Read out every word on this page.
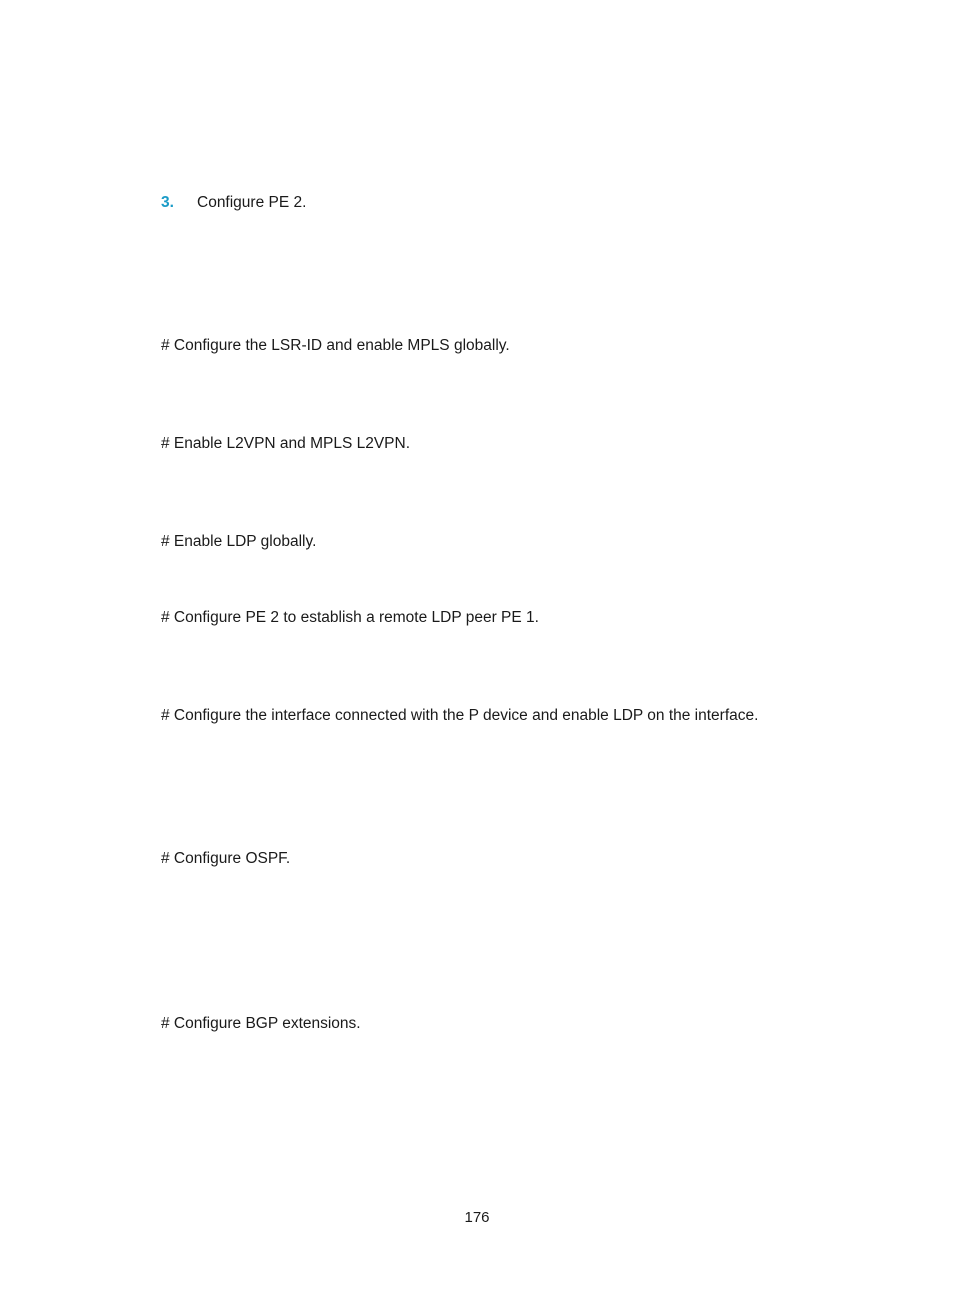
3. Configure PE 2.
# Configure the LSR-ID and enable MPLS globally.
# Enable L2VPN and MPLS L2VPN.
# Enable LDP globally.
# Configure PE 2 to establish a remote LDP peer PE 1.
# Configure the interface connected with the P device and enable LDP on the interface.
# Configure OSPF.
# Configure BGP extensions.
176
